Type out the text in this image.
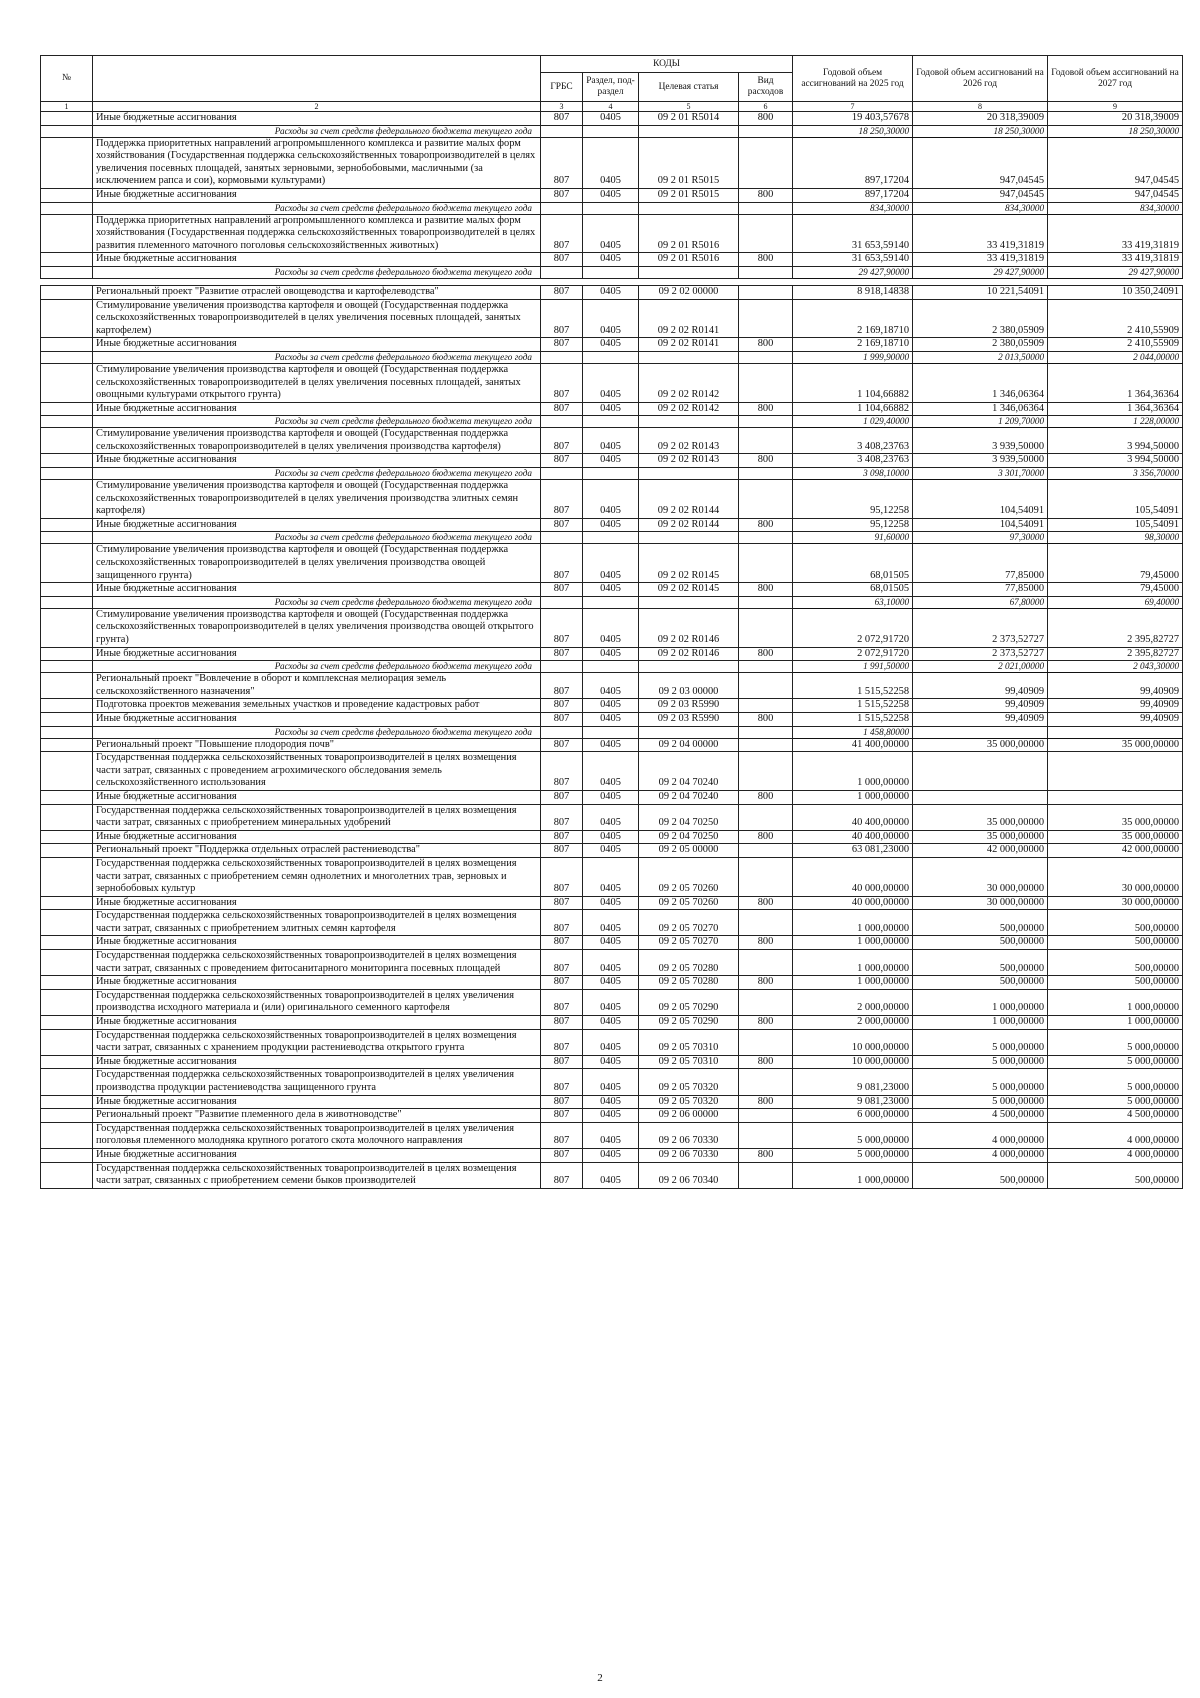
№		КОДЫ				Годовой объем ассигнований на 2025 год	Годовой объем ассигнований на 2026 год	Годовой объем ассигнований на 2027 год
		ГРБС	Раздел, под-раздел	Целевая статья	Вид расходов			
1	2	3	4	5	6	7	8	9
	Иные бюджетные ассигнования	807	0405	09 2 01 R5014	800	19 403,57678	20 318,39009	20 318,39009
	Расходы за счет средств федерального бюджета текущего года					18 250,30000	18 250,30000	18 250,30000
	Поддержка приоритетных направлений агропромышленного комплекса и развитие малых форм хозяйствования (Государственная поддержка сельскохозяйственных товаропроизводителей в целях увеличения посевных площадей, занятых зерновыми, зернобобовыми, масличными (за исключением рапса и сои), кормовыми культурами)	807	0405	09 2 01 R5015		897,17204	947,04545	947,04545
	Иные бюджетные ассигнования	807	0405	09 2 01 R5015	800	897,17204	947,04545	947,04545
	Расходы за счет средств федерального бюджета текущего года					834,30000	834,30000	834,30000
	Поддержка приоритетных направлений агропромышленного комплекса и развитие малых форм хозяйствования (Государственная поддержка сельскохозяйственных товаропроизводителей в целях развития племенного маточного поголовья сельскохозяйственных животных)	807	0405	09 2 01 R5016		31 653,59140	33 419,31819	33 419,31819
	Иные бюджетные ассигнования	807	0405	09 2 01 R5016	800	31 653,59140	33 419,31819	33 419,31819
	Расходы за счет средств федерального бюджета текущего года					29 427,90000	29 427,90000	29 427,90000

	Региональный проект "Развитие отраслей овощеводства и картофелеводства"	807	0405	09 2 02 00000		8 918,14838	10 221,54091	10 350,24091
	Стимулирование увеличения производства картофеля и овощей (Государственная поддержка сельскохозяйственных товаропроизводителей в целях увеличения посевных площадей, занятых картофелем)	807	0405	09 2 02 R0141		2 169,18710	2 380,05909	2 410,55909
	Иные бюджетные ассигнования	807	0405	09 2 02 R0141	800	2 169,18710	2 380,05909	2 410,55909
	Расходы за счет средств федерального бюджета текущего года					1 999,90000	2 013,50000	2 044,00000
	Стимулирование увеличения производства картофеля и овощей (Государственная поддержка сельскохозяйственных товаропроизводителей в целях увеличения посевных площадей, занятых овощными культурами открытого грунта)	807	0405	09 2 02 R0142		1 104,66882	1 346,06364	1 364,36364
	Иные бюджетные ассигнования	807	0405	09 2 02 R0142	800	1 104,66882	1 346,06364	1 364,36364
	Расходы за счет средств федерального бюджета текущего года					1 029,40000	1 209,70000	1 228,00000
	Стимулирование увеличения производства картофеля и овощей (Государственная поддержка сельскохозяйственных товаропроизводителей в целях увеличения производства картофеля)	807	0405	09 2 02 R0143		3 408,23763	3 939,50000	3 994,50000
	Иные бюджетные ассигнования	807	0405	09 2 02 R0143	800	3 408,23763	3 939,50000	3 994,50000
	Расходы за счет средств федерального бюджета текущего года					3 098,10000	3 301,70000	3 356,70000
	Стимулирование увеличения производства картофеля и овощей (Государственная поддержка сельскохозяйственных товаропроизводителей в целях увеличения производства элитных семян картофеля)	807	0405	09 2 02 R0144		95,12258	104,54091	105,54091
	Иные бюджетные ассигнования	807	0405	09 2 02 R0144	800	95,12258	104,54091	105,54091
	Расходы за счет средств федерального бюджета текущего года					91,60000	97,30000	98,30000
	Стимулирование увеличения производства картофеля и овощей (Государственная поддержка сельскохозяйственных товаропроизводителей в целях увеличения производства овощей защищенного грунта)	807	0405	09 2 02 R0145		68,01505	77,85000	79,45000
	Иные бюджетные ассигнования	807	0405	09 2 02 R0145	800	68,01505	77,85000	79,45000
	Расходы за счет средств федерального бюджета текущего года					63,10000	67,80000	69,40000
	Стимулирование увеличения производства картофеля и овощей (Государственная поддержка сельскохозяйственных товаропроизводителей в целях увеличения производства овощей открытого грунта)	807	0405	09 2 02 R0146		2 072,91720	2 373,52727	2 395,82727
	Иные бюджетные ассигнования	807	0405	09 2 02 R0146	800	2 072,91720	2 373,52727	2 395,82727
	Расходы за счет средств федерального бюджета текущего года					1 991,50000	2 021,00000	2 043,30000
	Региональный проект "Вовлечение в оборот и комплексная мелиорация земель сельскохозяйственного назначения"	807	0405	09 2 03 00000		1 515,52258	99,40909	99,40909
	Подготовка проектов межевания земельных участков и проведение кадастровых работ	807	0405	09 2 03 R5990		1 515,52258	99,40909	99,40909
	Иные бюджетные ассигнования	807	0405	09 2 03 R5990	800	1 515,52258	99,40909	99,40909
	Расходы за счет средств федерального бюджета текущего года					1 458,80000		
	Региональный проект "Повышение плодородия почв"	807	0405	09 2 04 00000		41 400,00000	35 000,00000	35 000,00000
	Государственная поддержка сельскохозяйственных товаропроизводителей в целях возмещения части затрат, связанных с проведением агрохимического обследования земель сельскохозяйственного использования	807	0405	09 2 04 70240		1 000,00000		
	Иные бюджетные ассигнования	807	0405	09 2 04 70240	800	1 000,00000		
	Государственная поддержка сельскохозяйственных товаропроизводителей в целях возмещения части затрат, связанных с приобретением минеральных удобрений	807	0405	09 2 04 70250		40 400,00000	35 000,00000	35 000,00000
	Иные бюджетные ассигнования	807	0405	09 2 04 70250	800	40 400,00000	35 000,00000	35 000,00000
	Региональный проект "Поддержка отдельных отраслей растениеводства"	807	0405	09 2 05 00000		63 081,23000	42 000,00000	42 000,00000
	Государственная поддержка сельскохозяйственных товаропроизводителей в целях возмещения части затрат, связанных с приобретением семян однолетних и многолетних трав, зерновых и зернобобовых культур	807	0405	09 2 05 70260		40 000,00000	30 000,00000	30 000,00000
	Иные бюджетные ассигнования	807	0405	09 2 05 70260	800	40 000,00000	30 000,00000	30 000,00000
	Государственная поддержка сельскохозяйственных товаропроизводителей в целях возмещения части затрат, связанных с приобретением элитных семян картофеля	807	0405	09 2 05 70270		1 000,00000	500,00000	500,00000
	Иные бюджетные ассигнования	807	0405	09 2 05 70270	800	1 000,00000	500,00000	500,00000
	Государственная поддержка сельскохозяйственных товаропроизводителей в целях возмещения части затрат, связанных с проведением фитосанитарного мониторинга посевных площадей	807	0405	09 2 05 70280		1 000,00000	500,00000	500,00000
	Иные бюджетные ассигнования	807	0405	09 2 05 70280	800	1 000,00000	500,00000	500,00000
	Государственная поддержка сельскохозяйственных товаропроизводителей в целях увеличения производства исходного материала и (или) оригинального семенного картофеля	807	0405	09 2 05 70290		2 000,00000	1 000,00000	1 000,00000
	Иные бюджетные ассигнования	807	0405	09 2 05 70290	800	2 000,00000	1 000,00000	1 000,00000
	Государственная поддержка сельскохозяйственных товаропроизводителей в целях возмещения части затрат, связанных с хранением продукции растениеводства открытого грунта	807	0405	09 2 05 70310		10 000,00000	5 000,00000	5 000,00000
	Иные бюджетные ассигнования	807	0405	09 2 05 70310	800	10 000,00000	5 000,00000	5 000,00000
	Государственная поддержка сельскохозяйственных товаропроизводителей в целях увеличения производства продукции растениеводства защищенного грунта	807	0405	09 2 05 70320		9 081,23000	5 000,00000	5 000,00000
	Иные бюджетные ассигнования	807	0405	09 2 05 70320	800	9 081,23000	5 000,00000	5 000,00000
	Региональный проект "Развитие племенного дела в животноводстве"	807	0405	09 2 06 00000		6 000,00000	4 500,00000	4 500,00000
	Государственная поддержка сельскохозяйственных товаропроизводителей в целях увеличения поголовья племенного молодняка крупного рогатого скота молочного направления	807	0405	09 2 06 70330		5 000,00000	4 000,00000	4 000,00000
	Иные бюджетные ассигнования	807	0405	09 2 06 70330	800	5 000,00000	4 000,00000	4 000,00000
	Государственная поддержка сельскохозяйственных товаропроизводителей в целях возмещения части затрат, связанных с приобретением семени быков производителей	807	0405	09 2 06 70340		1 000,00000	500,00000	500,00000
2
